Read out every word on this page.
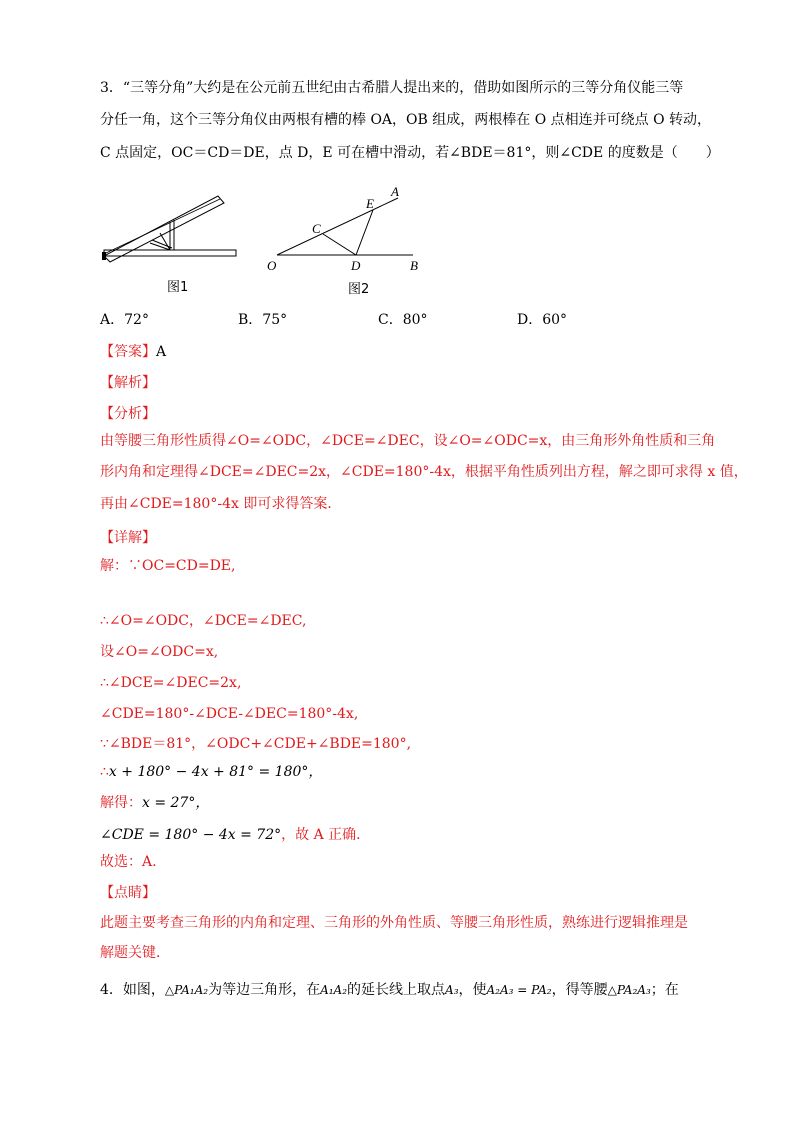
3．“三等分角”大约是在公元前五世纪由古希腊人提出来的，借助如图所示的三等分角仪能三等
分任一角，这个三等分角仪由两根有槽的棒 OA，OB 组成，两根棒在 O 点相连并可绕点 O 转动，
C 点固定，OC＝CD＝DE，点 D，E 可在槽中滑动，若∠BDE＝81°，则∠CDE 的度数是（　　）
图1
O
C
D
E
A
B
图2
A．72°	B．75°	C．80°	D．60°
【答案】A
【解析】
【分析】
由等腰三角形性质得∠O=∠ODC，∠DCE=∠DEC，设∠O=∠ODC=x，由三角形外角性质和三角
形内角和定理得∠DCE=∠DEC=2x，∠CDE=180°-4x，根据平角性质列出方程，解之即可求得 x 值，
再由∠CDE=180°-4x 即可求得答案．
【详解】
解：∵OC=CD=DE,
∴∠O=∠ODC，∠DCE=∠DEC,
设∠O=∠ODC=x,
∴∠DCE=∠DEC=2x,
∠CDE=180°-∠DCE-∠DEC=180°-4x,
∵∠BDE＝81°，∠ODC+∠CDE+∠BDE=180°,
∴x + 180° − 4x + 81° = 180°，
解得：x = 27°，
∠CDE = 180° − 4x = 72°，故 A 正确．
故选：A.
【点睛】
此题主要考查三角形的内角和定理、三角形的外角性质、等腰三角形性质，熟练进行逻辑推理是
解题关键．
4．如图，△PA₁A₂为等边三角形，在A₁A₂的延长线上取点A₃，使A₂A₃ = PA₂，得等腰△PA₂A₃；在
